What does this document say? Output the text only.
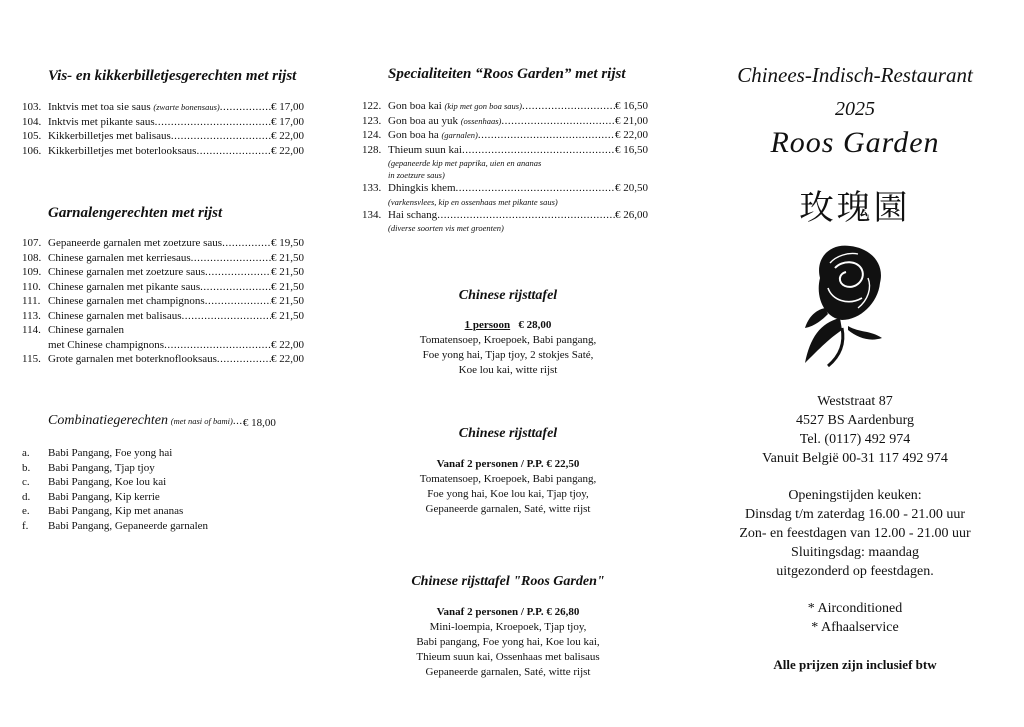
Vis- en kikkerbilletjesgerechten met rijst
103. Inktvis met toa sie saus (zwarte bonensaus) .....	€ 17,00
104. Inktvis met pikante saus .....	€ 17,00
105. Kikkerbilletjes met balisaus .....	€ 22,00
106. Kikkerbilletjes met boterlooksaus .....	€ 22,00
Garnalengerechten met rijst
107. Gepaneerde garnalen met zoetzure saus .....	€ 19,50
108. Chinese garnalen met kerriesaus .....	€ 21,50
109. Chinese garnalen met zoetzure saus .....	€ 21,50
110. Chinese garnalen met pikante saus .....	€ 21,50
111. Chinese garnalen met champignons .....	€ 21,50
113. Chinese garnalen met balisaus .....	€ 21,50
114. Chinese garnalen
met Chinese champignons .....	€ 22,00
115. Grote garnalen met boterknoflooksaus .....	€ 22,00
Combinatiegerechten (met nasi of bami) ..... € 18,00
a.	Babi Pangang, Foe yong hai
b.	Babi Pangang, Tjap tjoy
c.	Babi Pangang, Koe lou kai
d.	Babi Pangang, Kip kerrie
e.	Babi Pangang, Kip met ananas
f.	Babi Pangang, Gepaneerde garnalen
Specialiteiten “Roos Garden” met rijst
122. Gon boa kai (kip met gon boa saus) .....	€ 16,50
123. Gon boa au yuk (ossenhaas) .....	€ 21,00
124. Gon boa ha (garnalen) .....	€ 22,00
128. Thieum suun kai .....	€ 16,50
(gepaneerde kip met paprika, uien en ananas
in zoetzure saus)
133. Dhingkis khem .....	€ 20,50
(varkensvlees, kip en ossenhaas met pikante saus)
134. Hai schang .....	€ 26,00
(diverse soorten vis met groenten)
Chinese rijsttafel
1 persoon € 28,00
Tomatensoep, Kroepoek, Babi pangang,
Foe yong hai, Tjap tjoy, 2 stokjes Saté,
Koe lou kai, witte rijst
Chinese rijsttafel
Vanaf 2 personen / P.P. € 22,50
Tomatensoep, Kroepoek, Babi pangang,
Foe yong hai, Koe lou kai, Tjap tjoy,
Gepaneerde garnalen, Saté, witte rijst
Chinese rijsttafel "Roos Garden"
Vanaf 2 personen / P.P. € 26,80
Mini-loempia, Kroepoek, Tjap tjoy,
Babi pangang, Foe yong hai, Koe lou kai,
Thieum suun kai, Ossenhaas met balisaus
Gepaneerde garnalen, Saté, witte rijst
Chinees-Indisch-Restaurant
2025
Roos Garden
玫瑰園
Weststraat 87
4527 BS Aardenburg
Tel. (0117) 492 974
Vanuit België 00-31 117 492 974
Openingstijden keuken:
Dinsdag t/m zaterdag 16.00 - 21.00 uur
Zon- en feestdagen van 12.00 - 21.00 uur
Sluitingsdag: maandag
uitgezonderd op feestdagen.
* Airconditioned
* Afhaalservice
Alle prijzen zijn inclusief btw
